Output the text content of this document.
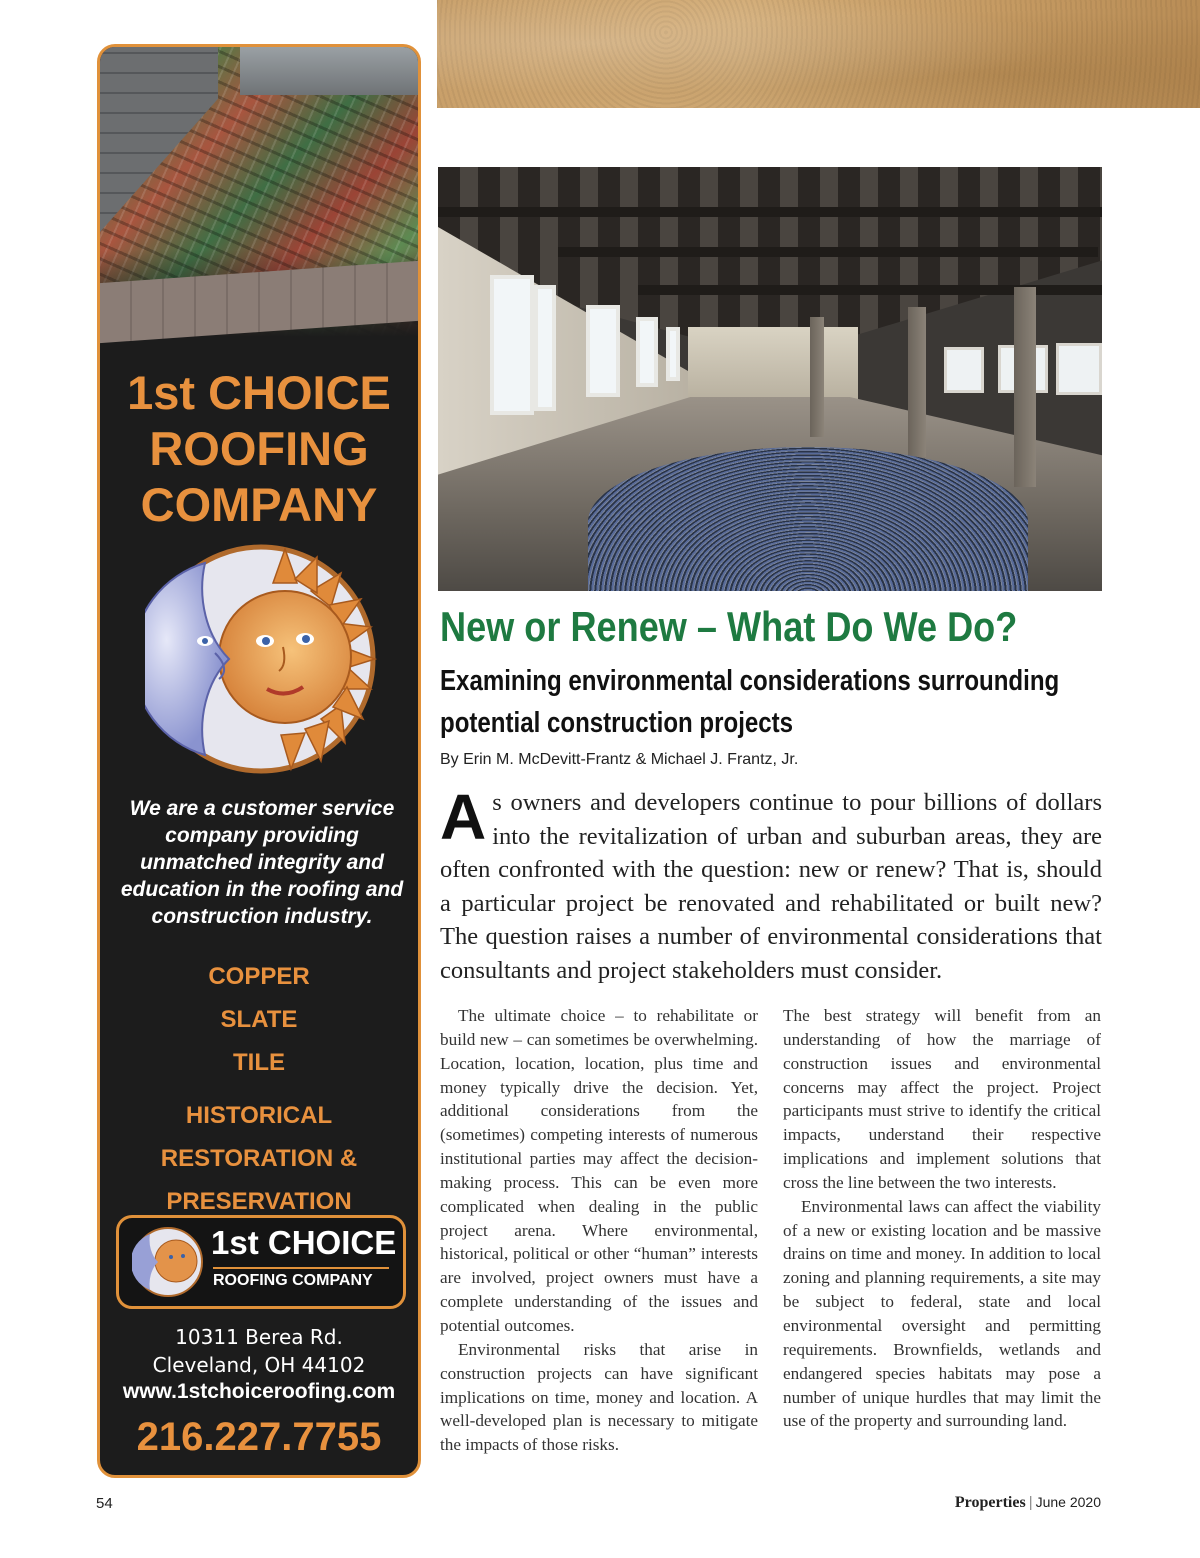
1st CHOICE
ROOFING
COMPANY
We are a customer service company providing unmatched integrity and education in the roofing and construction industry.
COPPER
SLATE
TILE
HISTORICAL
RESTORATION &
PRESERVATION
1st CHOICE
ROOFING COMPANY
10311 Berea Rd.
Cleveland, OH 44102
www.1stchoiceroofing.com
216.227.7755
New or Renew – What Do We Do?
Examining environmental considerations surrounding potential construction projects
By Erin M. McDevitt-Frantz & Michael J. Frantz, Jr.
As owners and developers continue to pour billions of dollars into the revitalization of urban and suburban areas, they are often confronted with the question: new or renew? That is, should a particular project be renovated and rehabilitated or built new? The question raises a number of environmental considerations that consultants and project stakeholders must consider.

The ultimate choice – to rehabilitate or build new – can sometimes be overwhelming. Location, location, location, plus time and money typically drive the decision. Yet, additional considerations from the (sometimes) competing interests of numerous institutional parties may affect the decision-making process. This can be even more complicated when dealing in the public project arena. Where environmental, historical, political or other “human” interests are involved, project owners must have a complete understanding of the issues and potential outcomes.

Environmental risks that arise in construction projects can have significant implications on time, money and location. A well-developed plan is necessary to mitigate the impacts of those risks.

The best strategy will benefit from an understanding of how the marriage of construction issues and environmental concerns may affect the project. Project participants must strive to identify the critical impacts, understand their respective implications and implement solutions that cross the line between the two interests.

Environmental laws can affect the viability of a new or existing location and be massive drains on time and money. In addition to local zoning and planning requirements, a site may be subject to federal, state and local environmental oversight and permitting requirements. Brownfields, wetlands and endangered species habitats may pose a number of unique hurdles that may limit the use of the property and surrounding land.

54	Properties | June 2020
